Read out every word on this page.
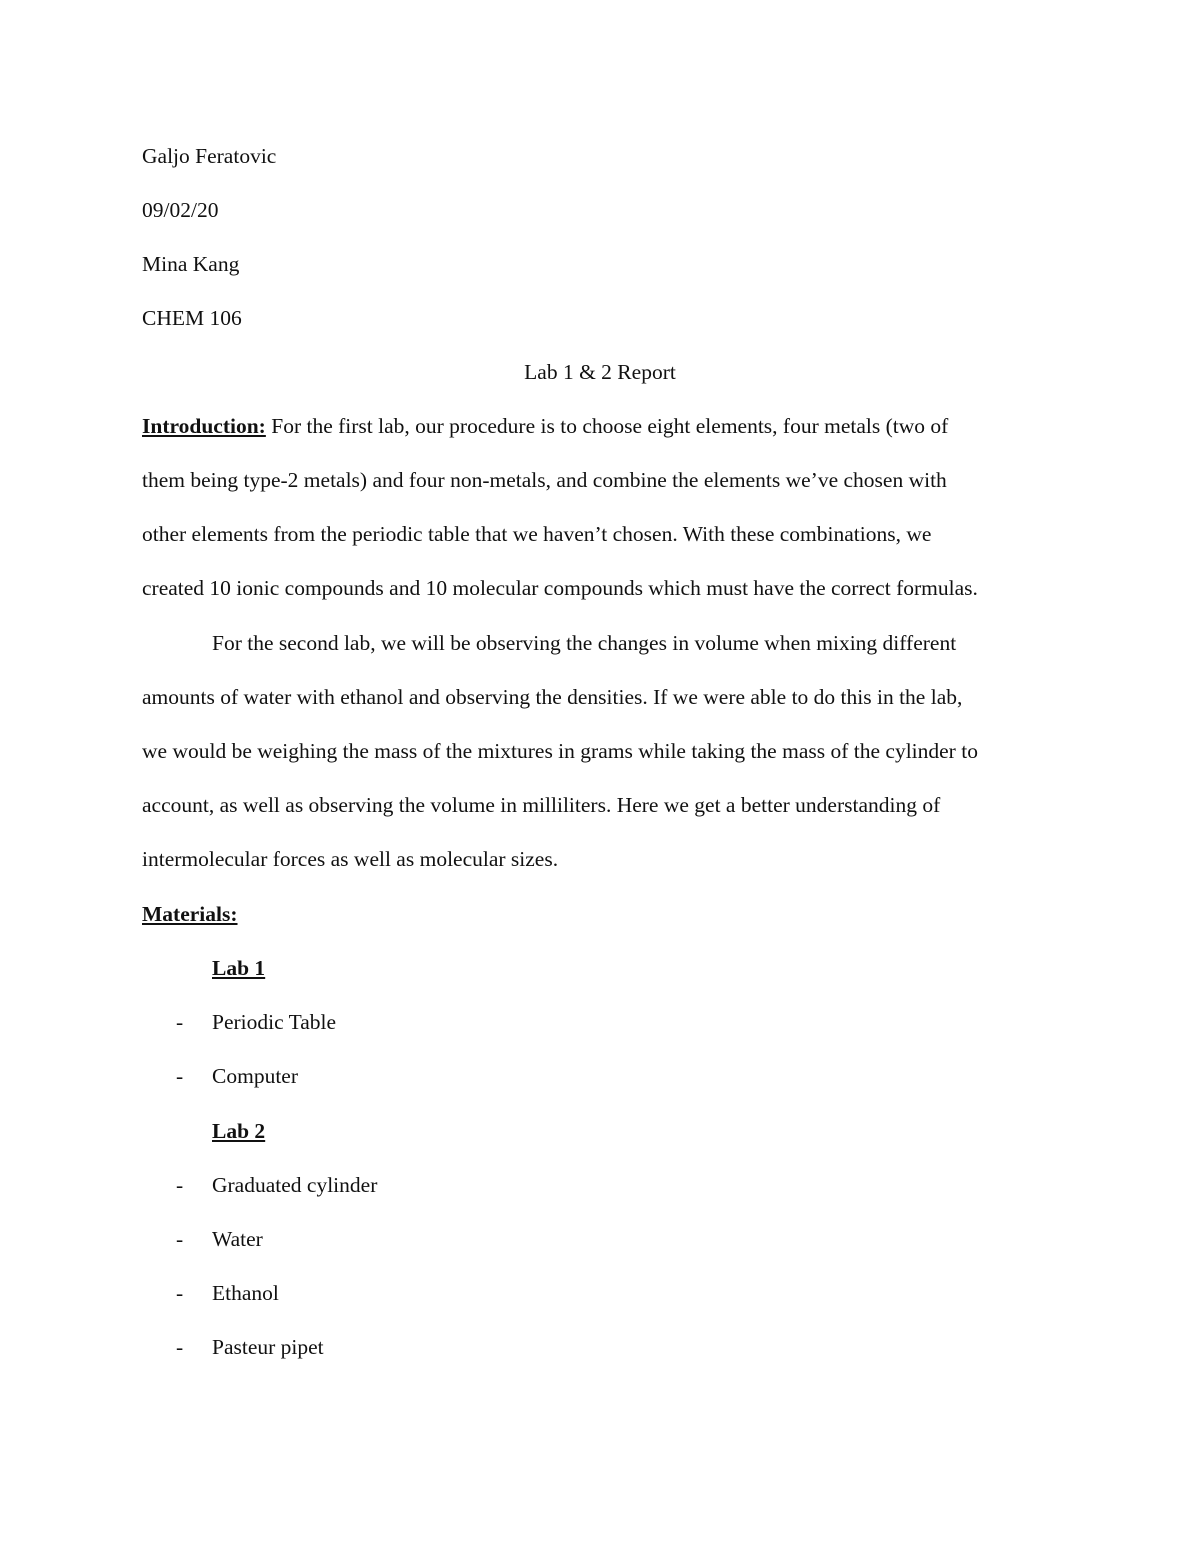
Galjo Feratovic
09/02/20
Mina Kang
CHEM 106
Lab 1 & 2 Report
Introduction: For the first lab, our procedure is to choose eight elements, four metals (two of
them being type-2 metals) and four non-metals, and combine the elements we’ve chosen with
other elements from the periodic table that we haven’t chosen. With these combinations, we
created 10 ionic compounds and 10 molecular compounds which must have the correct formulas.
For the second lab, we will be observing the changes in volume when mixing different
amounts of water with ethanol and observing the densities. If we were able to do this in the lab,
we would be weighing the mass of the mixtures in grams while taking the mass of the cylinder to
account, as well as observing the volume in milliliters. Here we get a better understanding of
intermolecular forces as well as molecular sizes.
Materials:
Lab 1
- Periodic Table
- Computer
Lab 2
- Graduated cylinder
- Water
- Ethanol
- Pasteur pipet
